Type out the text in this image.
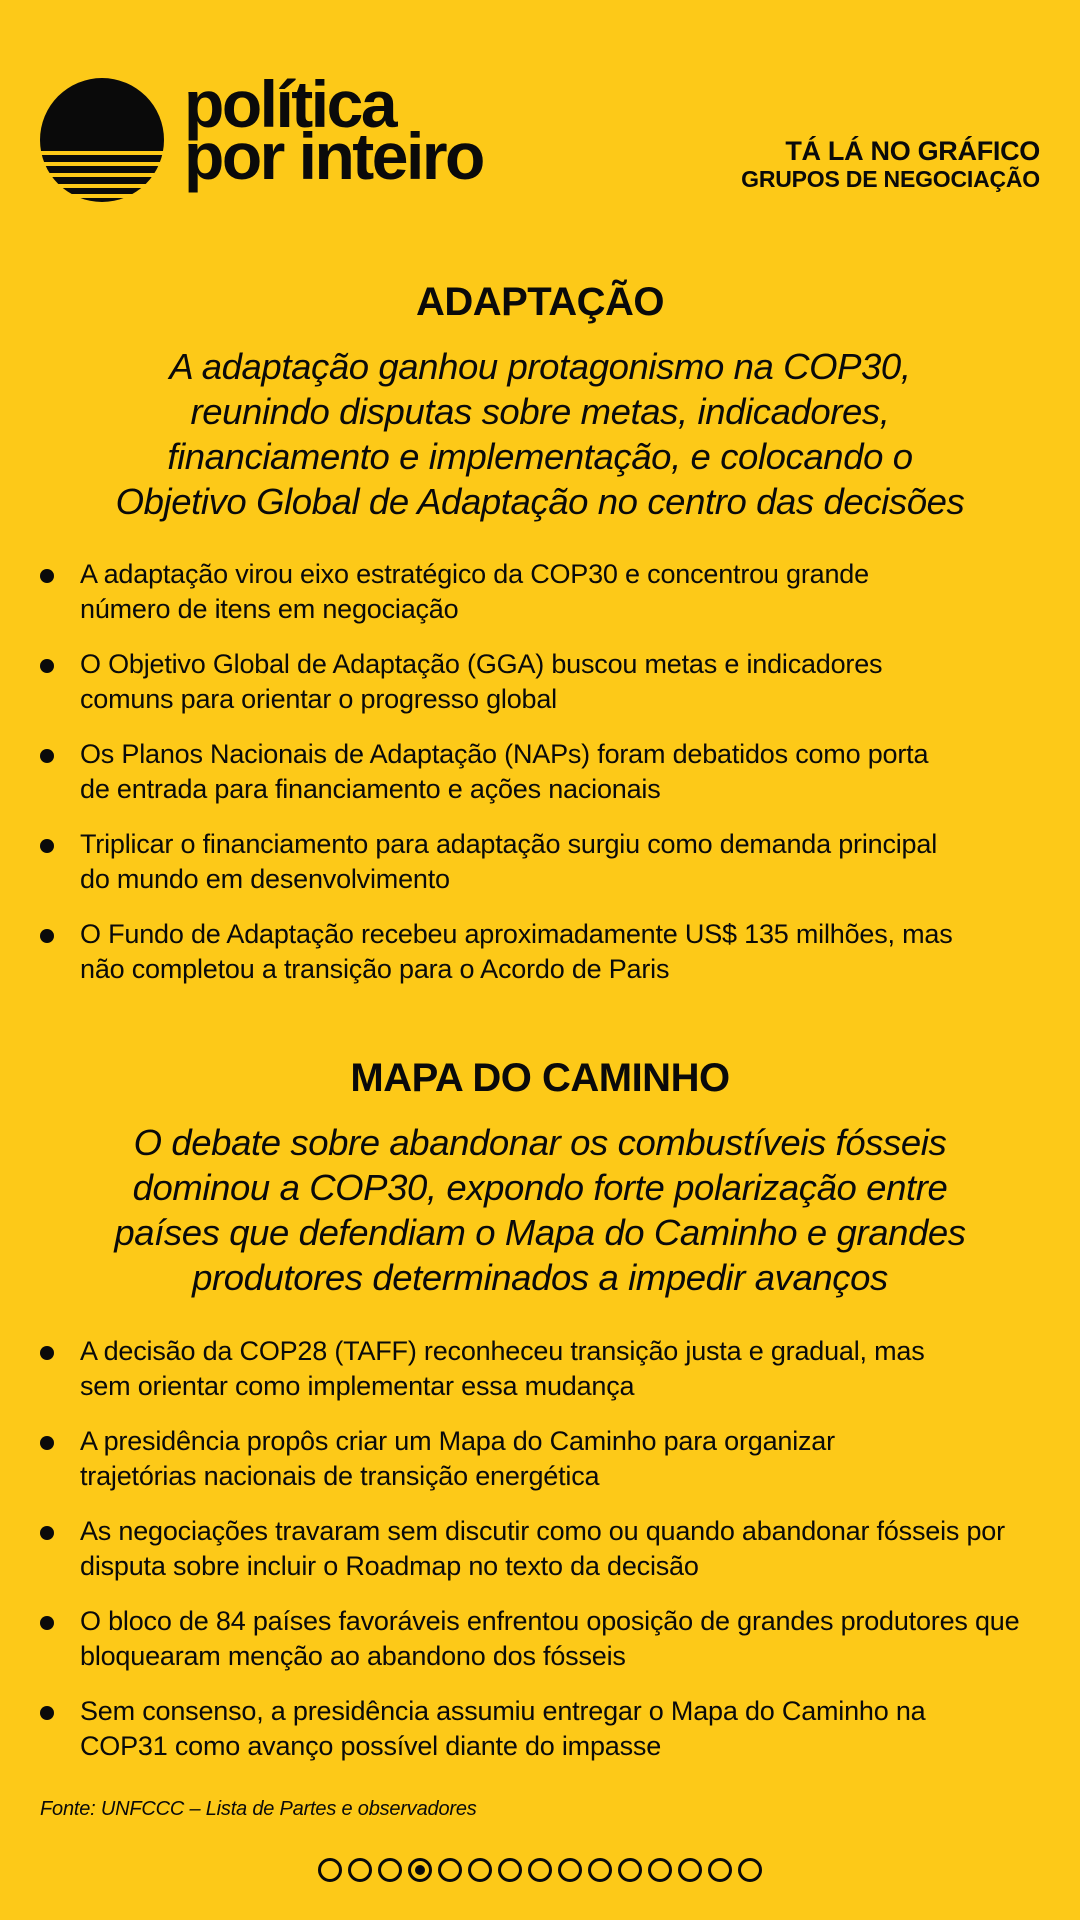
política
por inteiro	TÁ LÁ NO GRÁFICO
GRUPOS DE NEGOCIAÇÃO
ADAPTAÇÃO
A adaptação ganhou protagonismo na COP30,
reunindo disputas sobre metas, indicadores,
financiamento e implementação, e colocando o
Objetivo Global de Adaptação no centro das decisões
A adaptação virou eixo estratégico da COP30 e concentrou grande número de itens em negociação
O Objetivo Global de Adaptação (GGA) buscou metas e indicadores comuns para orientar o progresso global
Os Planos Nacionais de Adaptação (NAPs) foram debatidos como porta de entrada para financiamento e ações nacionais
Triplicar o financiamento para adaptação surgiu como demanda principal do mundo em desenvolvimento
O Fundo de Adaptação recebeu aproximadamente US$ 135 milhões, mas não completou a transição para o Acordo de Paris
MAPA DO CAMINHO
O debate sobre abandonar os combustíveis fósseis
dominou a COP30, expondo forte polarização entre
países que defendiam o Mapa do Caminho e grandes
produtores determinados a impedir avanços
A decisão da COP28 (TAFF) reconheceu transição justa e gradual, mas sem orientar como implementar essa mudança
A presidência propôs criar um Mapa do Caminho para organizar trajetórias nacionais de transição energética
As negociações travaram sem discutir como ou quando abandonar fósseis por disputa sobre incluir o Roadmap no texto da decisão
O bloco de 84 países favoráveis enfrentou oposição de grandes produtores que bloquearam menção ao abandono dos fósseis
Sem consenso, a presidência assumiu entregar o Mapa do Caminho na COP31 como avanço possível diante do impasse
Fonte: UNFCCC – Lista de Partes e observadores
